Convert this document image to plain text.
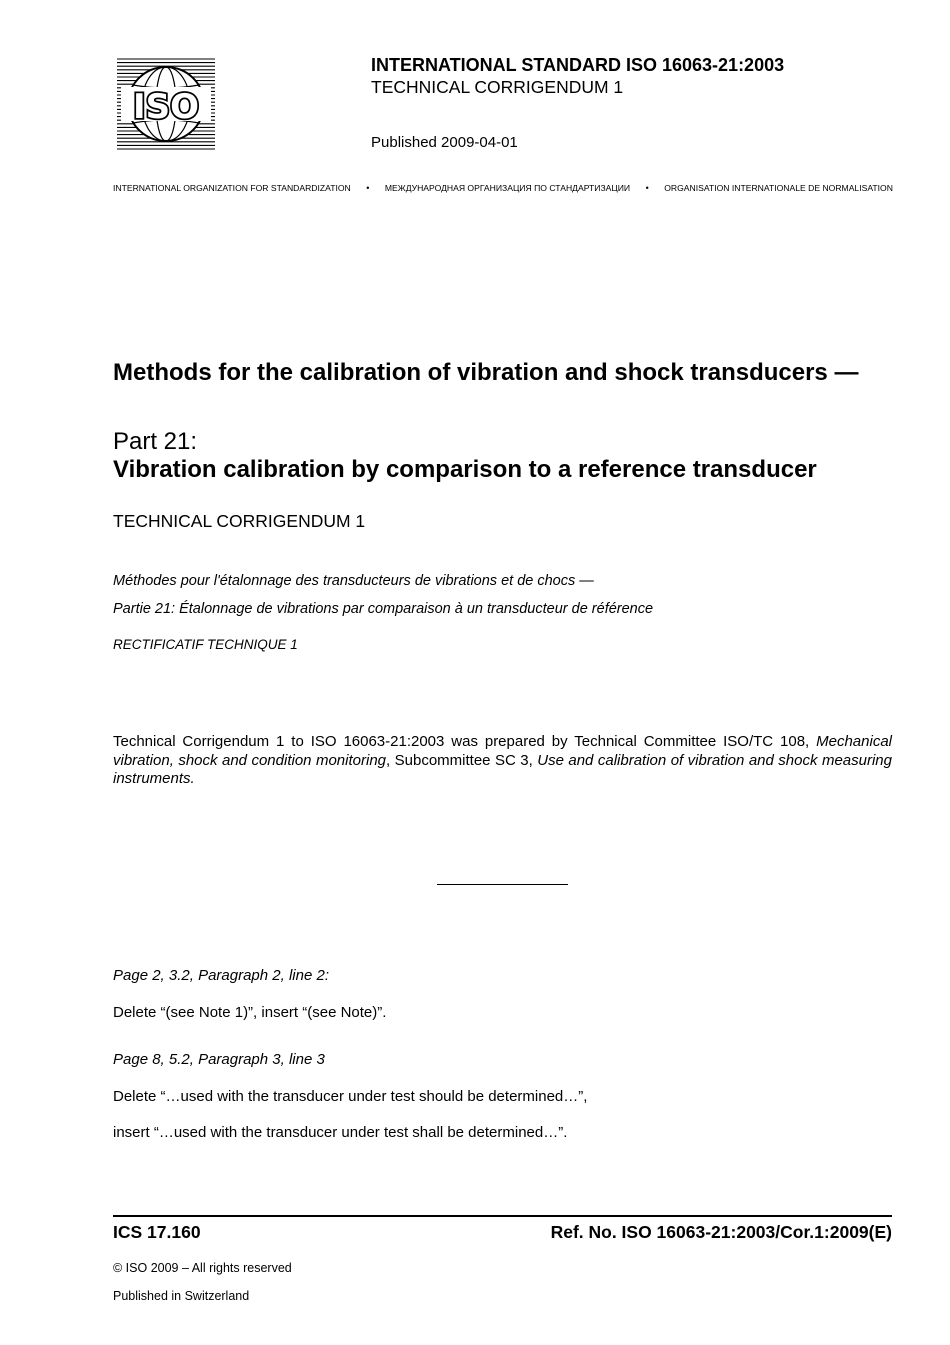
ISO
INTERNATIONAL STANDARD ISO 16063-21:2003
TECHNICAL CORRIGENDUM 1
Published 2009-04-01
INTERNATIONAL ORGANIZATION FOR STANDARDIZATION • МЕЖДУНАРОДНАЯ ОРГАНИЗАЦИЯ ПО СТАНДАРТИЗАЦИИ • ORGANISATION INTERNATIONALE DE NORMALISATION
Methods for the calibration of vibration and shock transducers —
Part 21:
Vibration calibration by comparison to a reference transducer
TECHNICAL CORRIGENDUM 1
Méthodes pour l'étalonnage des transducteurs de vibrations et de chocs —
Partie 21: Étalonnage de vibrations par comparaison à un transducteur de référence
RECTIFICATIF TECHNIQUE 1
Technical Corrigendum 1 to ISO 16063-21:2003 was prepared by Technical Committee ISO/TC 108, Mechanical vibration, shock and condition monitoring, Subcommittee SC 3, Use and calibration of vibration and shock measuring instruments.
Page 2, 3.2, Paragraph 2, line 2:
Delete “(see Note 1)”, insert “(see Note)”.
Page 8, 5.2, Paragraph 3, line 3
Delete “…used with the transducer under test should be determined…”,
insert “…used with the transducer under test shall be determined…”.
ICS 17.160	Ref. No. ISO 16063-21:2003/Cor.1:2009(E)
© ISO 2009 – All rights reserved
Published in Switzerland
